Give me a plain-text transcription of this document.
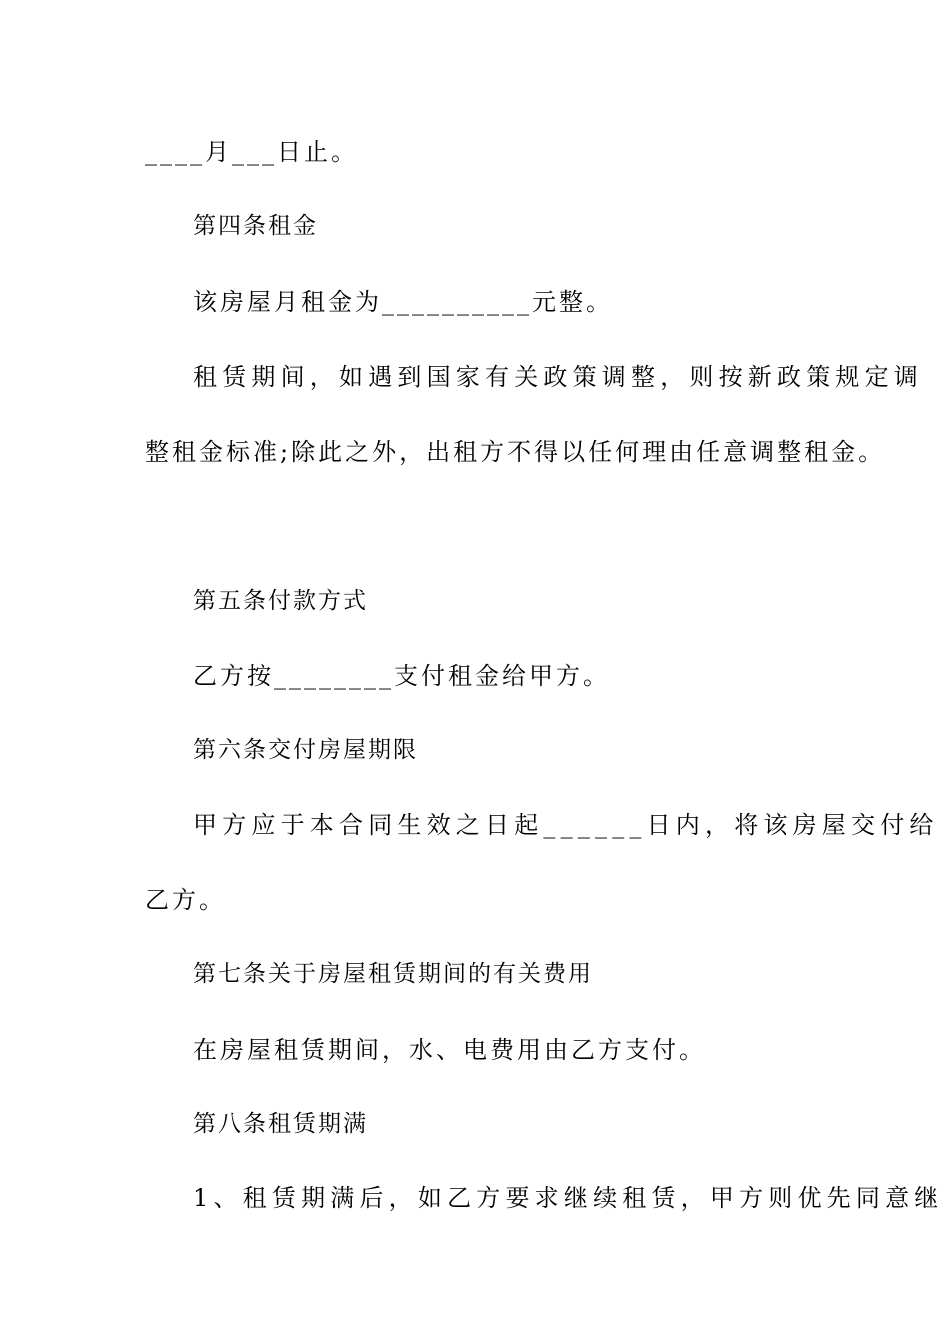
____月___日止。

第四条租金

该房屋月租金为__________元整。

租赁期间，如遇到国家有关政策调整，则按新政策规定调

整租金标准;除此之外，出租方不得以任何理由任意调整租金。

第五条付款方式

乙方按________支付租金给甲方。

第六条交付房屋期限

甲方应于本合同生效之日起______日内，将该房屋交付给

乙方。

第七条关于房屋租赁期间的有关费用

在房屋租赁期间，水、电费用由乙方支付。

第八条租赁期满

1、租赁期满后，如乙方要求继续租赁，甲方则优先同意继
